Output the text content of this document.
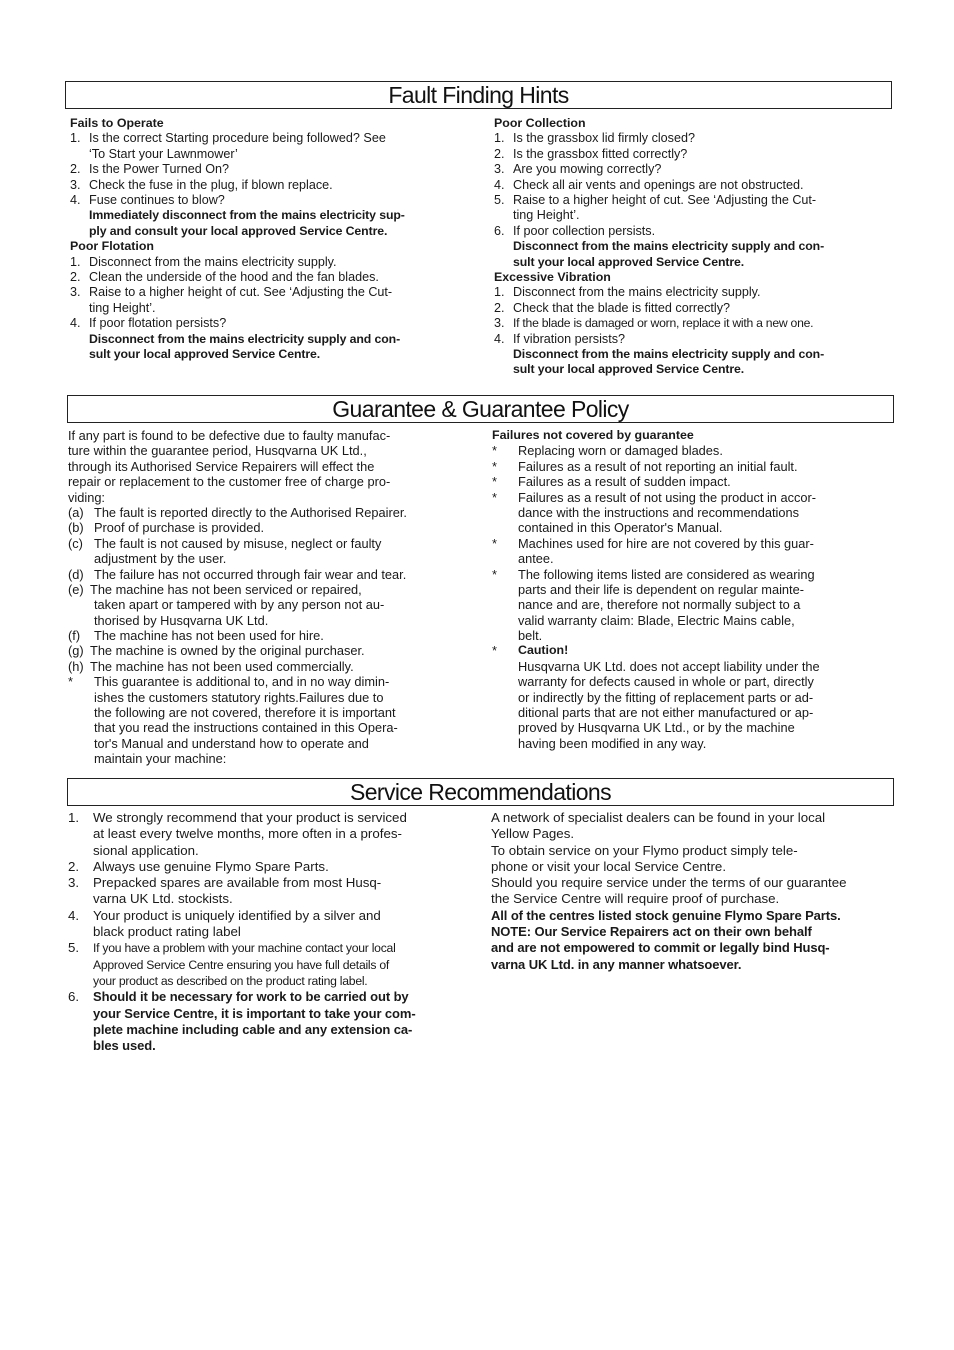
Fault Finding Hints
Fails to Operate
1. Is the correct Starting procedure being followed? See
‘To Start your Lawnmower’
2. Is the Power Turned On?
3. Check the fuse in the plug, if blown replace.
4. Fuse continues to blow?
Immediately disconnect from the mains electricity sup-
ply and consult your local approved Service Centre.
Poor Flotation
1. Disconnect from the mains electricity supply.
2. Clean the underside of the hood and the fan blades.
3. Raise to a higher height of cut. See ‘Adjusting the Cut-
ting Height’.
4. If poor flotation persists?
Disconnect from the mains electricity supply and con-
sult your local approved Service Centre.
Poor Collection
1. Is the grassbox lid firmly closed?
2. Is the grassbox fitted correctly?
3. Are you mowing correctly?
4. Check all air vents and openings are not obstructed.
5. Raise to a higher height of cut. See ‘Adjusting the Cut-
ting Height’.
6. If poor collection persists.
Disconnect from the mains electricity supply and con-
sult your local approved Service Centre.
Excessive Vibration
1. Disconnect from the mains electricity supply.
2. Check that the blade is fitted correctly?
3. If the blade is damaged or worn, replace it with a new one.
4. If vibration persists?
Disconnect from the mains electricity supply and con-
sult your local approved Service Centre.
Guarantee & Guarantee Policy
If any part is found to be defective due to faulty manufac-
ture within the guarantee period, Husqvarna UK Ltd.,
through its Authorised Service Repairers will effect the
repair or replacement to the customer free of charge pro-
viding:
(a) The fault is reported directly to the Authorised Repairer.
(b) Proof of purchase is provided.
(c) The fault is not caused by misuse, neglect or faulty
adjustment by the user.
(d) The failure has not occurred through fair wear and tear.
(e) The machine has not been serviced or repaired,
taken apart or tampered with by any person not au-
thorised by Husqvarna UK Ltd.
(f)	The machine has not been used for hire.
(g) The machine is owned by the original purchaser.
(h) The machine has not been used commercially.
*	This guarantee is additional to, and in no way dimin-
ishes the customers statutory rights.Failures due to
the following are not covered, therefore it is important
that you read the instructions contained in this Opera-
tor's Manual and understand how to operate and
maintain your machine:
Failures not covered by guarantee
*	Replacing worn or damaged blades.
*	Failures as a result of not reporting an initial fault.
*	Failures as a result of sudden impact.
*	Failures as a result of not using the product in accor-
dance with the instructions and recommendations
contained in this Operator's Manual.
*	Machines used for hire are not covered by this guar-
antee.
*	The following items listed are considered as wearing
parts and their life is dependent on regular mainte-
nance and are, therefore not normally subject to a
valid warranty claim: Blade, Electric Mains cable,
belt.
*	Caution!
Husqvarna UK Ltd. does not accept liability under the
warranty for defects caused in whole or part, directly
or indirectly by the fitting of replacement parts or ad-
ditional parts that are not either manufactured or ap-
proved by Husqvarna UK Ltd., or by the machine
having been modified in any way.
Service Recommendations
1.	We strongly recommend that your product is serviced
at least every twelve months, more often in a profes-
sional application.
2.	Always use genuine Flymo Spare Parts.
3.	Prepacked spares are available from most Husq-
varna UK Ltd. stockists.
4.	Your product is uniquely identified by a silver and
black product rating label
5.	If you have a problem with your machine contact your local
Approved Service Centre ensuring you have full details of
your product as described on the product rating label.
6.	Should it be necessary for work to be carried out by
your Service Centre, it is important to take your com-
plete machine including cable and any extension ca-
bles used.
A network of specialist dealers can be found in your local
Yellow Pages.
To obtain service on your Flymo product simply tele-
phone or visit your local Service Centre.
Should you require service under the terms of our guarantee
the Service Centre will require proof of purchase.
All of the centres listed stock genuine Flymo Spare Parts.
NOTE: Our Service Repairers act on their own behalf
and are not empowered to commit or legally bind Husq-
varna UK Ltd. in any manner whatsoever.
